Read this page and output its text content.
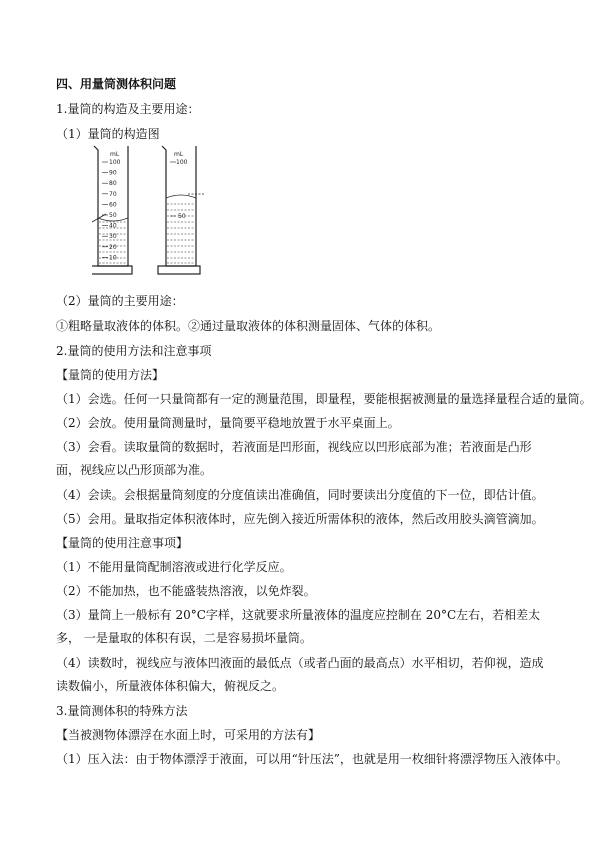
四、用量筒测体积问题
1.量筒的构造及主要用途：
（1）量筒的构造图
mL
100
90
80
70
60
50
40
30
20
10
mL
100
50
（2）量筒的主要用途：
①粗略量取液体的体积。②通过量取液体的体积测量固体、气体的体积。
2.量筒的使用方法和注意事项
【量筒的使用方法】
（1）会选。任何一只量筒都有一定的测量范围，即量程，要能根据被测量的量选择量程合适的量筒。
（2）会放。使用量筒测量时，量筒要平稳地放置于水平桌面上。
（3）会看。读取量筒的数据时，若液面是凹形面，视线应以凹形底部为准；若液面是凸形面，视线应以凸形顶部为准。
（4）会读。会根据量筒刻度的分度值读出准确值，同时要读出分度值的下一位，即估计值。
（5）会用。量取指定体积液体时，应先倒入接近所需体积的液体，然后改用胶头滴管滴加。
【量筒的使用注意事项】
（1）不能用量筒配制溶液或进行化学反应。
（2）不能加热，也不能盛装热溶液，以免炸裂。
（3）量筒上一般标有 20°C字样，这就要求所量液体的温度应控制在 20°C左右，若相差太多， 一是量取的体积有误，二是容易损坏量筒。
（4）读数时，视线应与液体凹液面的最低点（或者凸面的最高点）水平相切，若仰视，造成读数偏小，所量液体体积偏大，俯视反之。
3.量筒测体积的特殊方法
【当被测物体漂浮在水面上时，可采用的方法有】
（1）压入法：由于物体漂浮于液面，可以用“针压法”，也就是用一枚细针将漂浮物压入液体中。
